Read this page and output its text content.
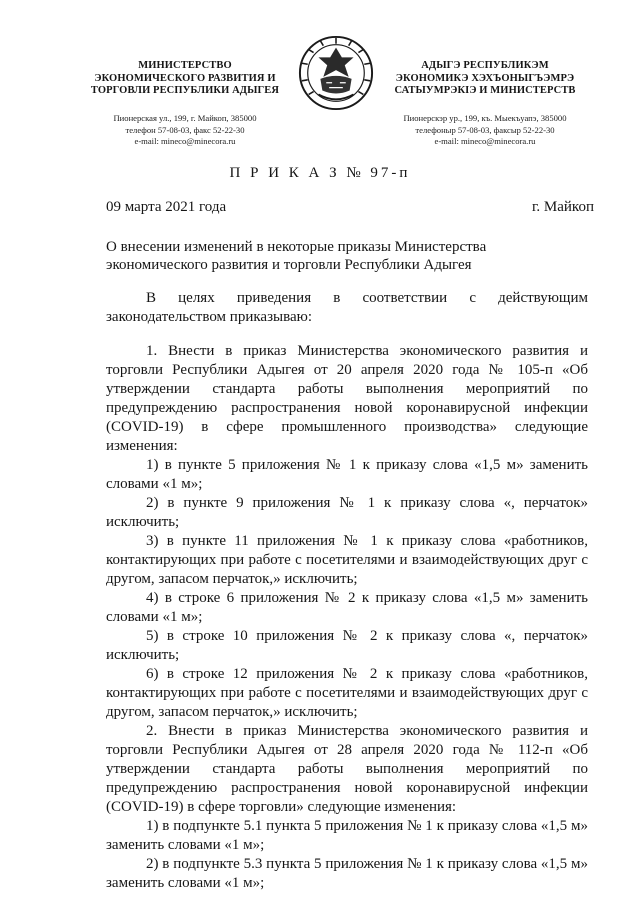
МИНИСТЕРСТВО
ЭКОНОМИЧЕСКОГО РАЗВИТИЯ И
ТОРГОВЛИ РЕСПУБЛИКИ АДЫГЕЯ
Пионерская ул., 199, г. Майкоп, 385000
телефон 57-08-03, факс 52-22-30
e-mail: mineco@minecora.ru
АДЫГЭ РЕСПУБЛИКЭМ
ЭКОНОМИКЭ ХЭХЪОНЫГЪЭМРЭ
САТЫУМРЭКІЭ И МИНИСТЕРСТВ
Пионерскэр ур., 199, къ. Мыекъуапэ, 385000
телефоныр 57-08-03, факсыр 52-22-30
e-mail: mineco@minecora.ru
П Р И К А З № 97-п
09 марта 2021 года	г. Майкоп
О внесении изменений в некоторые приказы Министерства
экономического развития и торговли Республики Адыгея

В целях приведения в соответствии с действующим законодательством приказываю:

1. Внести в приказ Министерства экономического развития и торговли Республики Адыгея от 20 апреля 2020 года № 105-п «Об утверждении стандарта работы выполнения мероприятий по предупреждению распространения новой коронавирусной инфекции (COVID-19) в сфере промышленного производства» следующие изменения:

1) в пункте 5 приложения № 1 к приказу слова «1,5 м» заменить словами «1 м»;

2) в пункте 9 приложения № 1 к приказу слова «, перчаток» исключить;

3) в пункте 11 приложения № 1 к приказу слова «работников, контактирующих при работе с посетителями и взаимодействующих друг с другом, запасом перчаток,» исключить;

4) в строке 6 приложения № 2 к приказу слова «1,5 м» заменить словами «1 м»;

5) в строке 10 приложения № 2 к приказу слова «, перчаток» исключить;

6) в строке 12 приложения № 2 к приказу слова «работников, контактирующих при работе с посетителями и взаимодействующих друг с другом, запасом перчаток,» исключить;

2. Внести в приказ Министерства экономического развития и торговли Республики Адыгея от 28 апреля 2020 года № 112-п «Об утверждении стандарта работы выполнения мероприятий по предупреждению распространения новой коронавирусной инфекции (COVID-19) в сфере торговли» следующие изменения:

1) в подпункте 5.1 пункта 5 приложения № 1 к приказу слова «1,5 м» заменить словами «1 м»;

2) в подпункте 5.3 пункта 5 приложения № 1 к приказу слова «1,5 м» заменить словами «1 м»;
